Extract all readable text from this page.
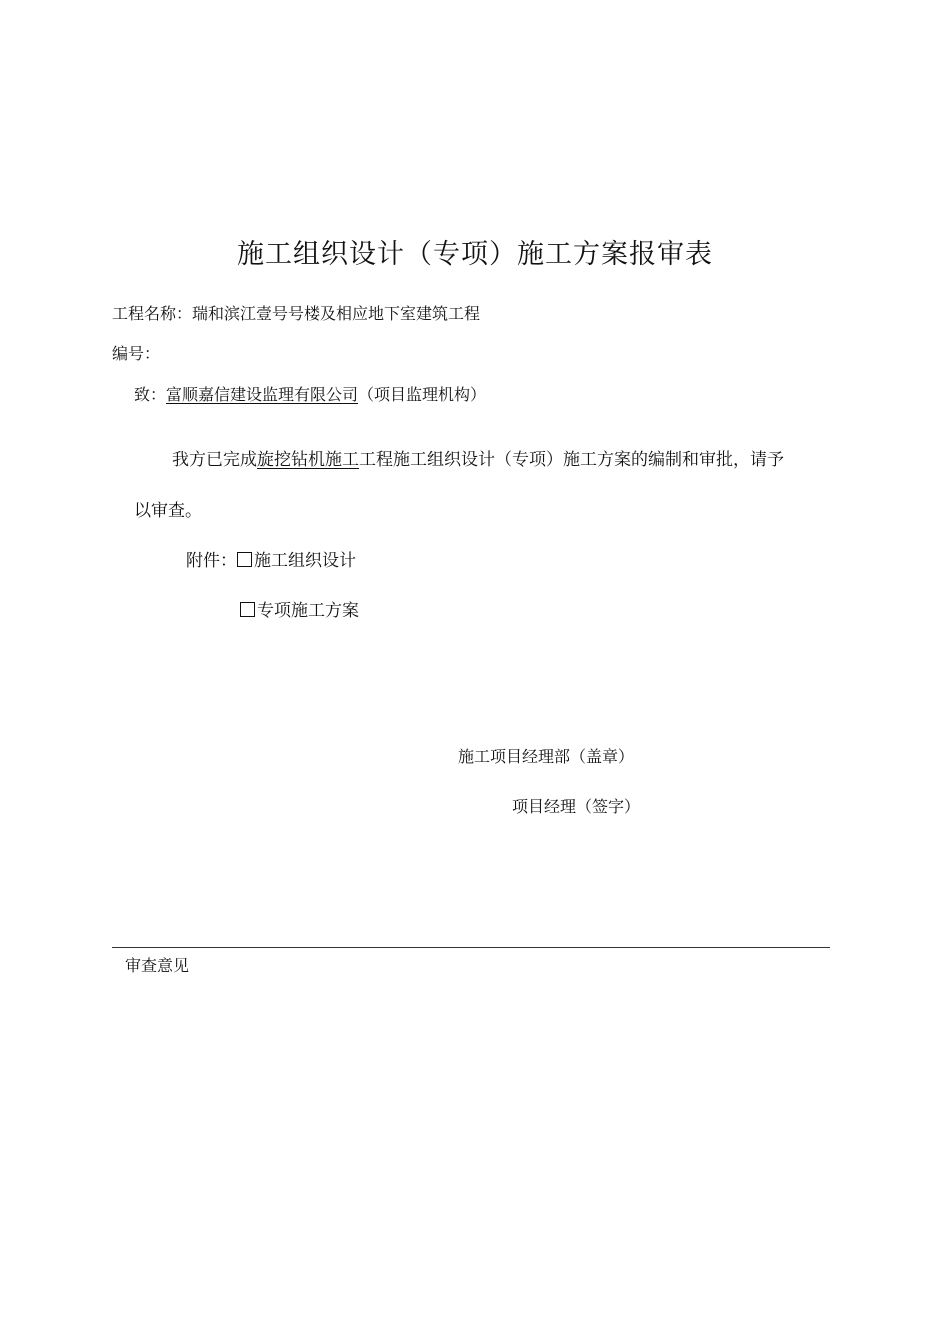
施工组织设计（专项）施工方案报审表
工程名称：瑞和滨江壹号号楼及相应地下室建筑工程
编号：
致：富顺嘉信建设监理有限公司（项目监理机构）
我方已完成旋挖钻机施工工程施工组织设计（专项）施工方案的编制和审批，请予
以审查。
附件： 施工组织设计
专项施工方案
施工项目经理部（盖章）
项目经理（签字）
审查意见
